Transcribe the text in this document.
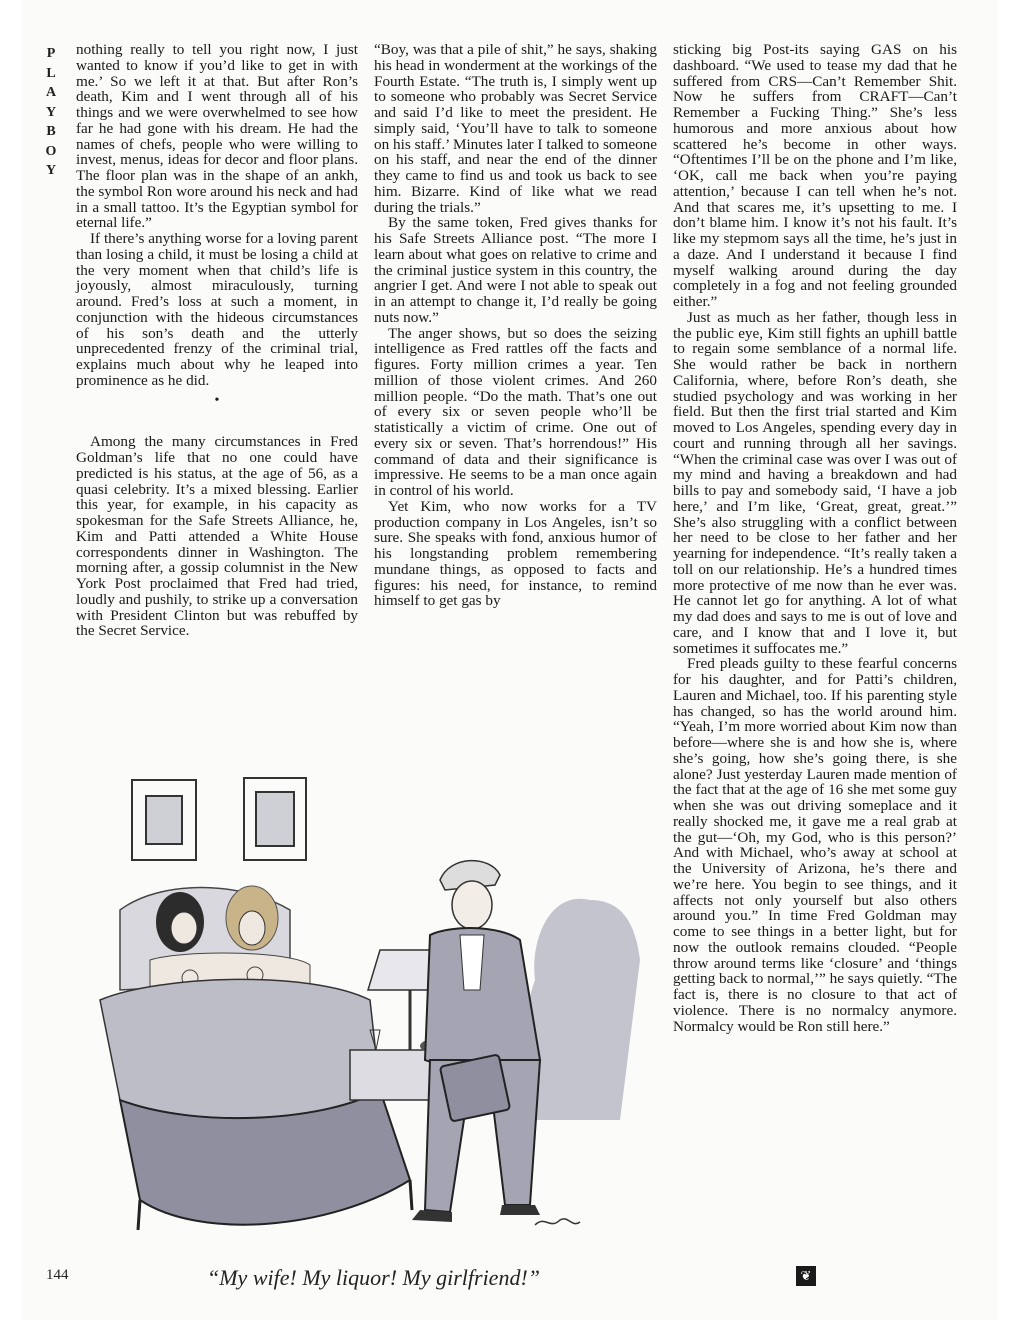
P
L
A
Y
B
O
Y

nothing really to tell you right now, I just wanted to know if you’d like to get in with me.’ So we left it at that. But after Ron’s death, Kim and I went through all of his things and we were overwhelmed to see how far he had gone with his dream. He had the names of chefs, people who were willing to invest, menus, ideas for decor and floor plans. The floor plan was in the shape of an ankh, the symbol Ron wore around his neck and had in a small tattoo. It’s the Egyptian symbol for eternal life.”

If there’s anything worse for a loving parent than losing a child, it must be losing a child at the very moment when that child’s life is joyously, almost miraculously, turning around. Fred’s loss at such a moment, in conjunction with the hideous circumstances of his son’s death and the utterly unprecedented frenzy of the criminal trial, explains much about why he leaped into prominence as he did.

•

Among the many circumstances in Fred Goldman’s life that no one could have predicted is his status, at the age of 56, as a quasi celebrity. It’s a mixed blessing. Earlier this year, for example, in his capacity as spokesman for the Safe Streets Alliance, he, Kim and Patti attended a White House correspondents dinner in Washington. The morning after, a gossip columnist in the New York Post proclaimed that Fred had tried, loudly and pushily, to strike up a conversation with President Clinton but was rebuffed by the Secret Service.

“Boy, was that a pile of shit,” he says, shaking his head in wonderment at the workings of the Fourth Estate. “The truth is, I simply went up to someone who probably was Secret Service and said I’d like to meet the president. He simply said, ‘You’ll have to talk to someone on his staff.’ Minutes later I talked to someone on his staff, and near the end of the dinner they came to find us and took us back to see him. Bizarre. Kind of like what we read during the trials.”

By the same token, Fred gives thanks for his Safe Streets Alliance post. “The more I learn about what goes on relative to crime and the criminal justice system in this country, the angrier I get. And were I not able to speak out in an attempt to change it, I’d really be going nuts now.”

The anger shows, but so does the seizing intelligence as Fred rattles off the facts and figures. Forty million crimes a year. Ten million of those violent crimes. And 260 million people. “Do the math. That’s one out of every six or seven people who’ll be statistically a victim of crime. One out of every six or seven. That’s horrendous!” His command of data and their significance is impressive. He seems to be a man once again in control of his world.

Yet Kim, who now works for a TV production company in Los Angeles, isn’t so sure. She speaks with fond, anxious humor of his longstanding problem remembering mundane things, as opposed to facts and figures: his need, for instance, to remind himself to get gas by

sticking big Post-its saying GAS on his dashboard. “We used to tease my dad that he suffered from CRS—Can’t Remember Shit. Now he suffers from CRAFT—Can’t Remember a Fucking Thing.” She’s less humorous and more anxious about how scattered he’s become in other ways. “Oftentimes I’ll be on the phone and I’m like, ‘OK, call me back when you’re paying attention,’ because I can tell when he’s not. And that scares me, it’s upsetting to me. I don’t blame him. I know it’s not his fault. It’s like my stepmom says all the time, he’s just in a daze. And I understand it because I find myself walking around during the day completely in a fog and not feeling grounded either.”

Just as much as her father, though less in the public eye, Kim still fights an uphill battle to regain some semblance of a normal life. She would rather be back in northern California, where, before Ron’s death, she studied psychology and was working in her field. But then the first trial started and Kim moved to Los Angeles, spending every day in court and running through all her savings. “When the criminal case was over I was out of my mind and having a breakdown and had bills to pay and somebody said, ‘I have a job here,’ and I’m like, ‘Great, great, great.’” She’s also struggling with a conflict between her need to be close to her father and her yearning for independence. “It’s really taken a toll on our relationship. He’s a hundred times more protective of me now than he ever was. He cannot let go for anything. A lot of what my dad does and says to me is out of love and care, and I know that and I love it, but sometimes it suffocates me.”

Fred pleads guilty to these fearful concerns for his daughter, and for Patti’s children, Lauren and Michael, too. If his parenting style has changed, so has the world around him. “Yeah, I’m more worried about Kim now than before—where she is and how she is, where she’s going, how she’s going there, is she alone? Just yesterday Lauren made mention of the fact that at the age of 16 she met some guy when she was out driving someplace and it really shocked me, it gave me a real grab at the gut—‘Oh, my God, who is this person?’ And with Michael, who’s away at school at the University of Arizona, he’s there and we’re here. You begin to see things, and it affects not only yourself but also others around you.” In time Fred Goldman may come to see things in a better light, but for now the outlook remains clouded. “People throw around terms like ‘closure’ and ‘things getting back to normal,’” he says quietly. “The fact is, there is no closure to that act of violence. There is no normalcy anymore. Normalcy would be Ron still here.”

144	“My wife! My liquor! My girlfriend!”	❦
